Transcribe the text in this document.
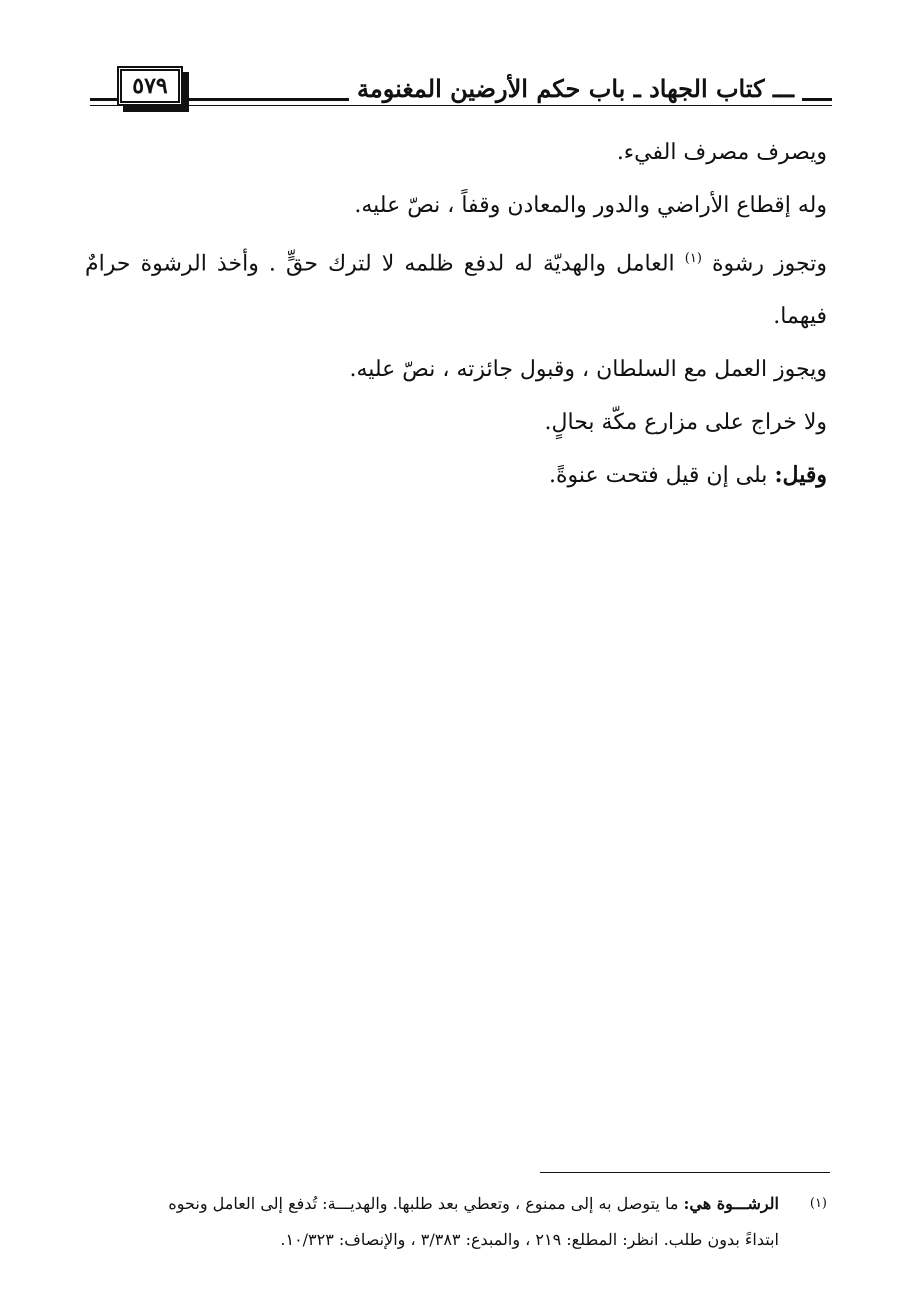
٥٧٩	ـــ كتاب الجهاد ـ باب حكم الأرضين المغنومة

ويصرف مصرف الفيء.

وله إقطاع الأراضي والدور والمعادن وقفاً ، نصّ عليه.

وتجوز رشوة $^{(١)}$ العامل والهديّة له لدفع ظلمه لا لترك حقٍّ . وأخذ الرشوة حرامٌ فيهما.

ويجوز العمل مع السلطان ، وقبول جائزته ، نصّ عليه.

ولا خراج على مزارع مكّة بحالٍ.

وقيل: بلى إن قيل فتحت عنوةً.

(١)

الرشـــوة هي: ما يتوصل به إلى ممنوع ، وتعطي بعد طلبها. والهديـــة: تُدفع إلى العامل ونحوه

ابتداءً بدون طلب. انظر: المطلع: ٢١٩ ، والمبدع: ٣/٣٨٣ ، والإنصاف: ١٠/٣٢٣.
